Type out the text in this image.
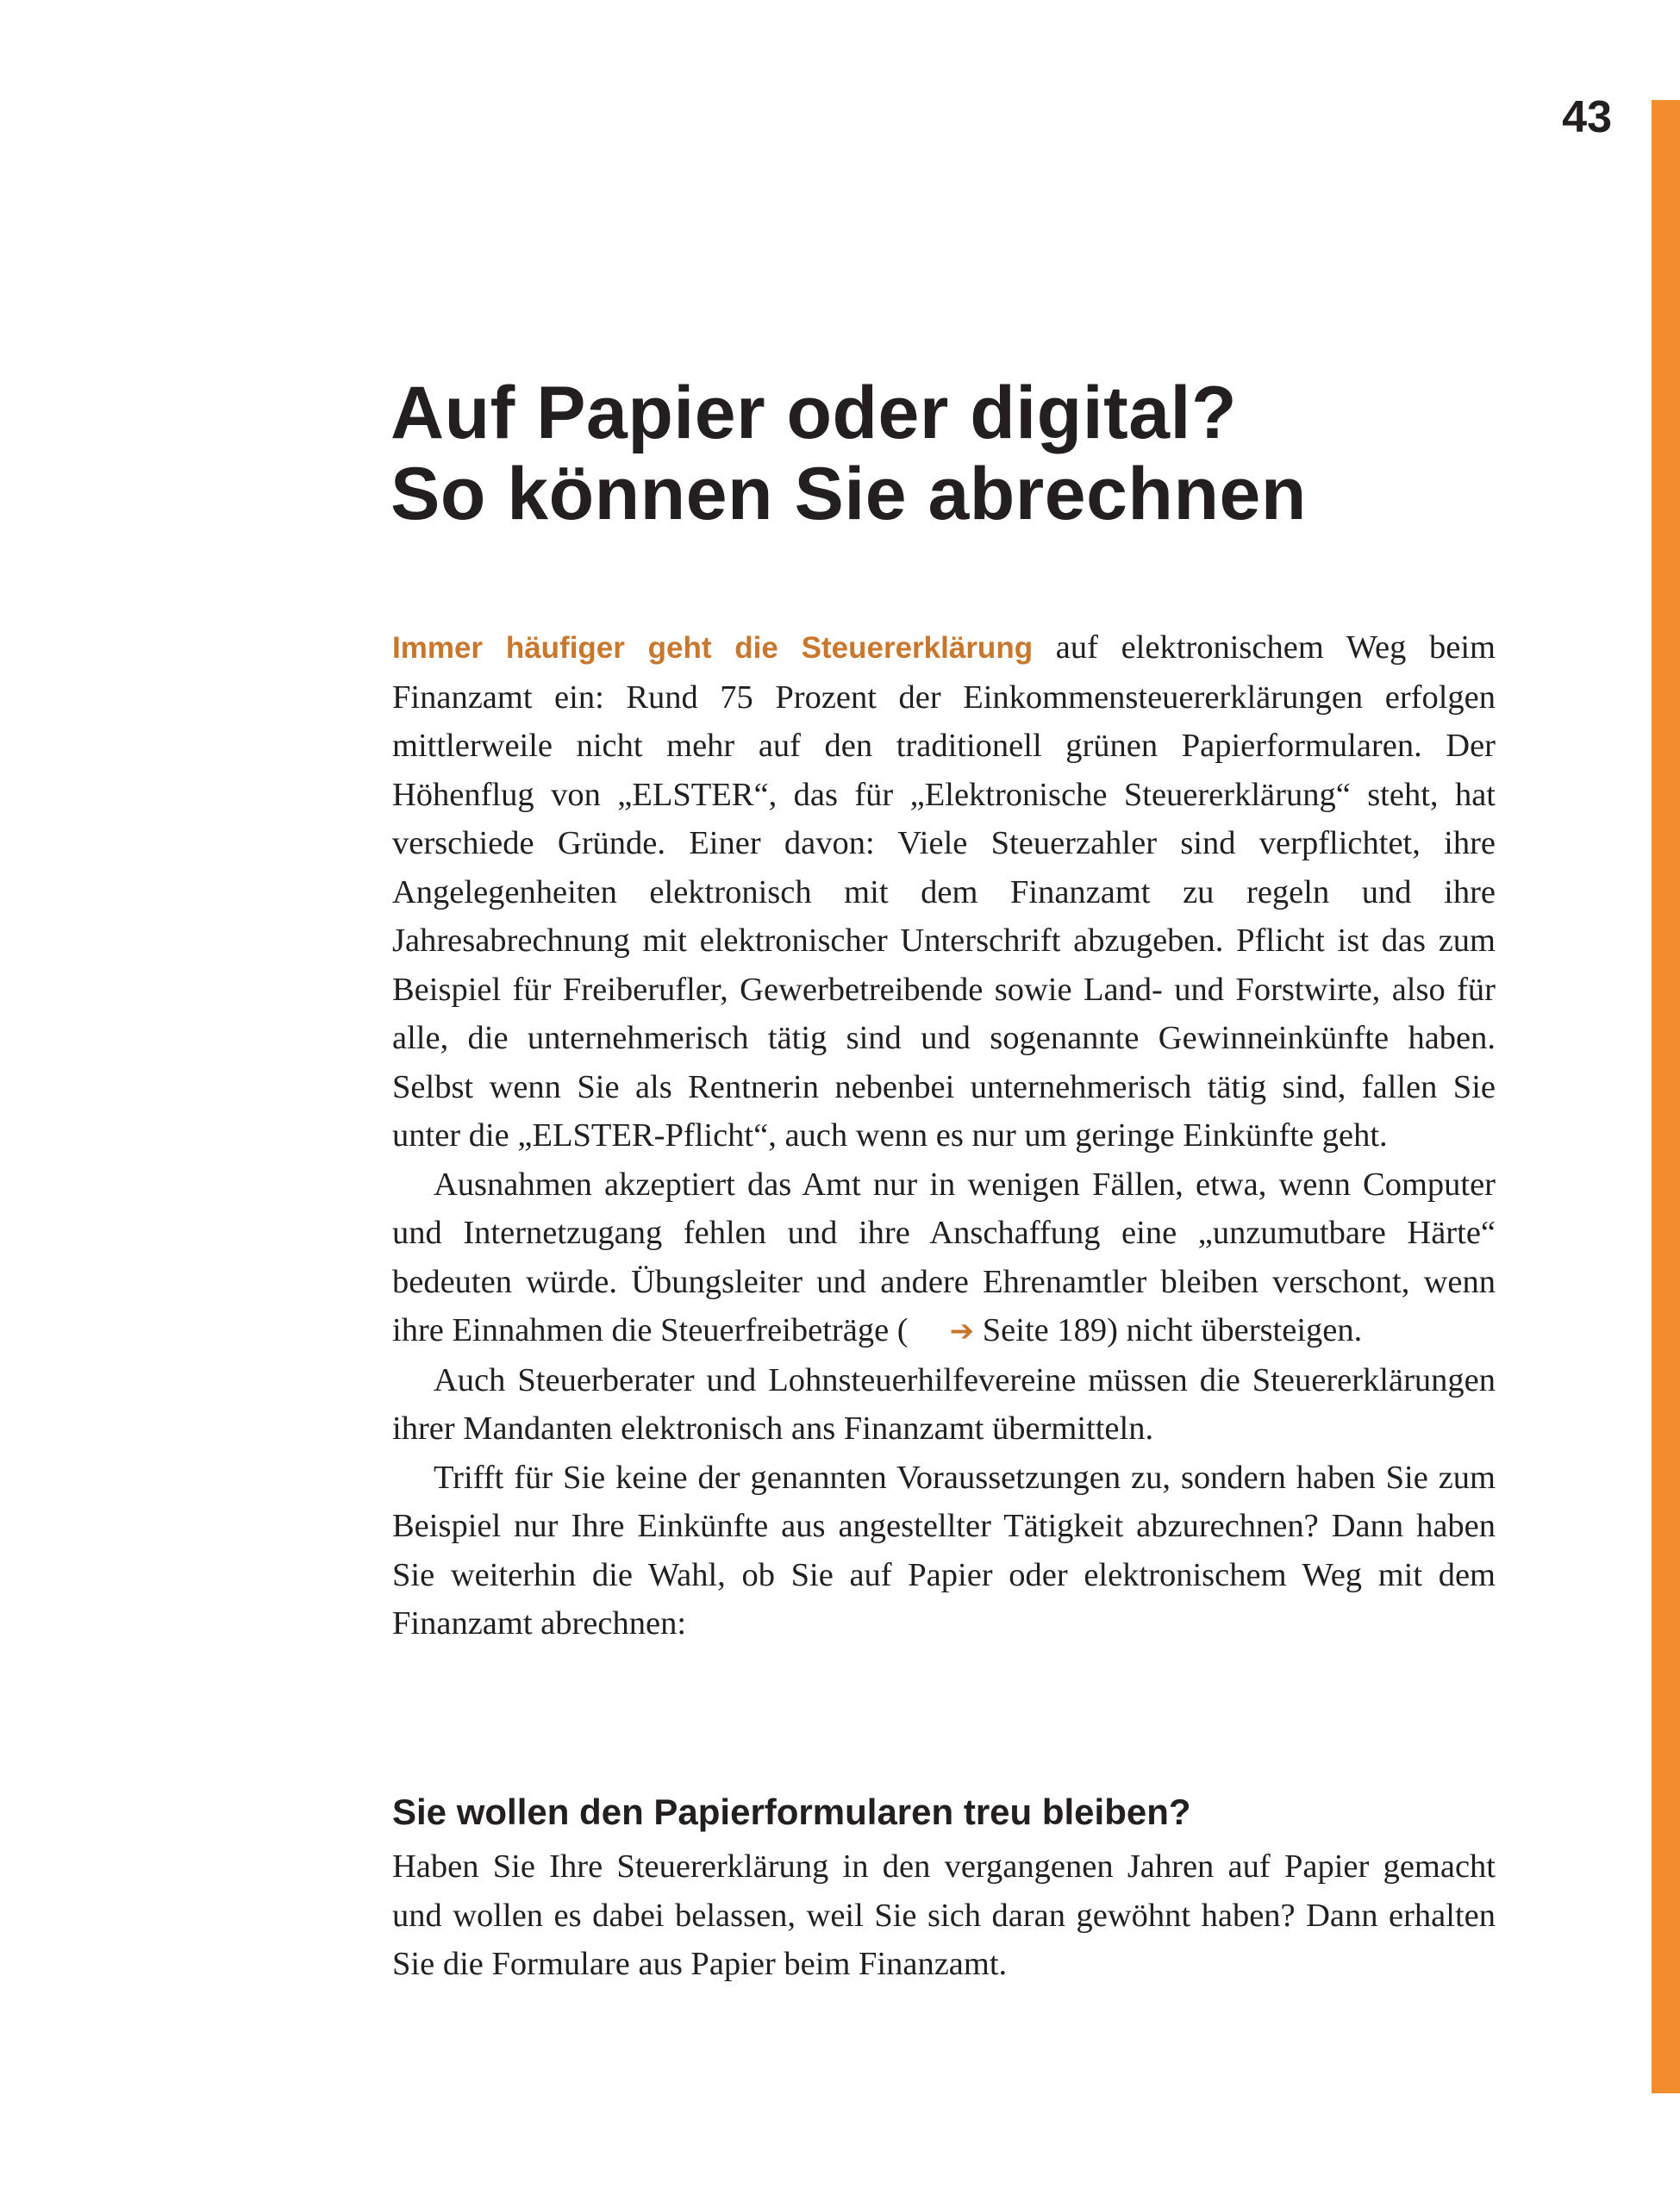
43
Auf Papier oder digital?
So können Sie abrechnen

Immer häufiger geht die Steuererklärung auf elektronischem Weg beim Finanzamt ein: Rund 75 Prozent der Einkommensteuererklärungen erfolgen mittlerweile nicht mehr auf den traditionell grünen Papierformularen. Der Höhenflug von „ELSTER“, das für „Elektronische Steuererklärung“ steht, hat verschiede Gründe. Einer davon: Viele Steuerzahler sind verpflichtet, ihre Angelegenheiten elektronisch mit dem Finanzamt zu regeln und ihre Jahresabrechnung mit elektronischer Unterschrift abzugeben. Pflicht ist das zum Beispiel für Freiberufler, Gewerbetreibende sowie Land- und Forstwirte, also für alle, die unternehmerisch tätig sind und sogenannte Gewinneinkünfte haben. Selbst wenn Sie als Rentnerin nebenbei unternehmerisch tätig sind, fallen Sie unter die „ELSTER-Pflicht“, auch wenn es nur um geringe Einkünfte geht.

Ausnahmen akzeptiert das Amt nur in wenigen Fällen, etwa, wenn Computer und Internetzugang fehlen und ihre Anschaffung eine „unzumutbare Härte“ bedeuten würde. Übungsleiter und andere Ehrenamtler bleiben verschont, wenn ihre Einnahmen die Steuerfreibeträge ( ➔ Seite 189) nicht übersteigen.

Auch Steuerberater und Lohnsteuerhilfevereine müssen die Steuererklärungen ihrer Mandanten elektronisch ans Finanzamt übermitteln.

Trifft für Sie keine der genannten Voraussetzungen zu, sondern haben Sie zum Beispiel nur Ihre Einkünfte aus angestellter Tätigkeit abzurechnen? Dann haben Sie weiterhin die Wahl, ob Sie auf Papier oder elektronischem Weg mit dem Finanzamt abrechnen:

Sie wollen den Papierformularen treu bleiben?

Haben Sie Ihre Steuererklärung in den vergangenen Jahren auf Papier gemacht und wollen es dabei belassen, weil Sie sich daran gewöhnt haben? Dann erhalten Sie die Formulare aus Papier beim Finanzamt.
